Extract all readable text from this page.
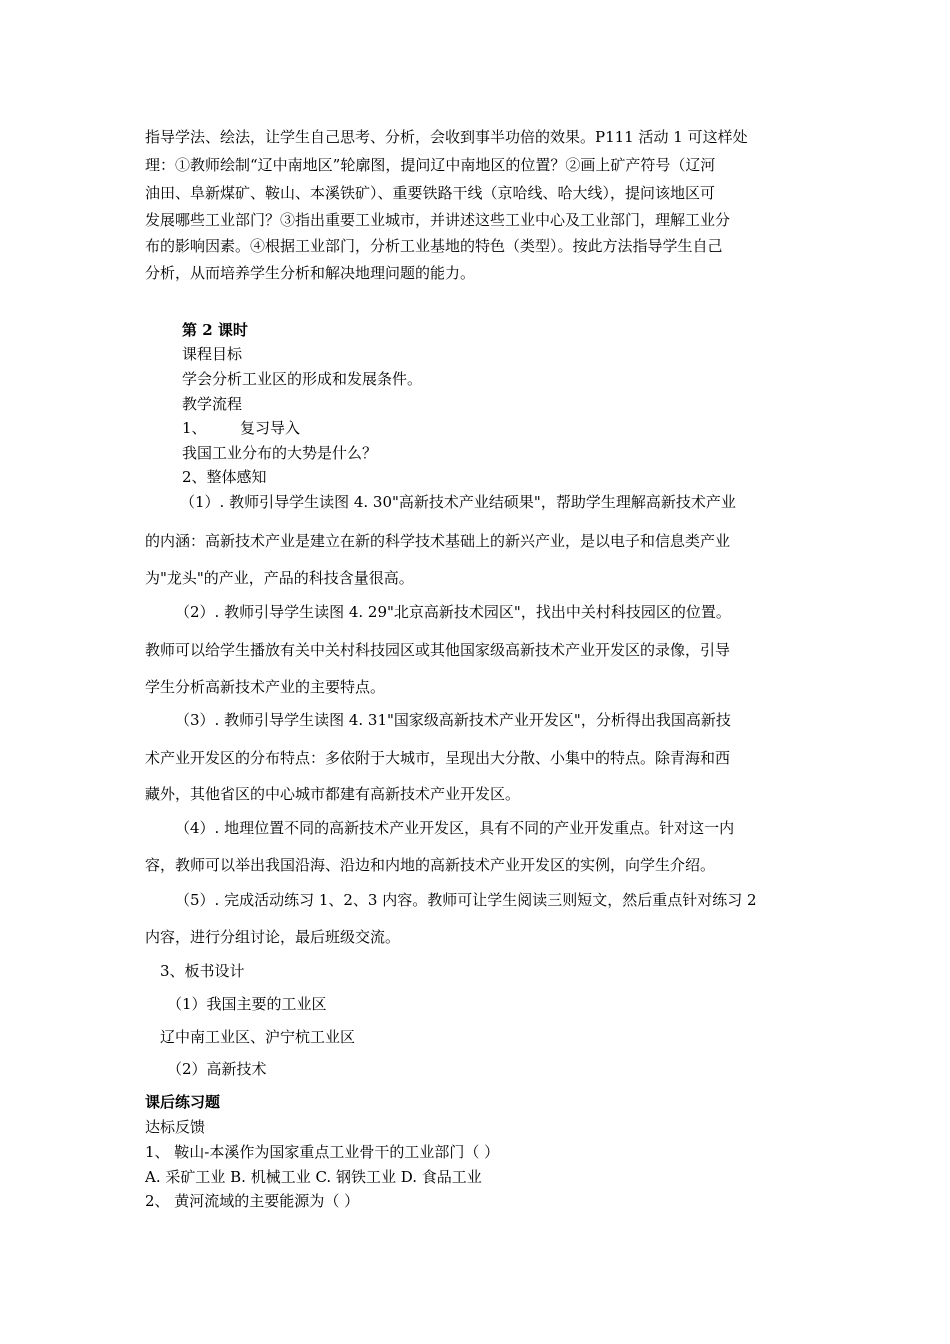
指导学法、绘法，让学生自己思考、分析，会收到事半功倍的效果。P111 活动 1 可这样处
理：①教师绘制“辽中南地区”轮廓图，提问辽中南地区的位置？②画上矿产符号（辽河
油田、阜新煤矿、鞍山、本溪铁矿）、重要铁路干线（京哈线、哈大线），提问该地区可
发展哪些工业部门？③指出重要工业城市，并讲述这些工业中心及工业部门，理解工业分
布的影响因素。④根据工业部门，分析工业基地的特色（类型）。按此方法指导学生自己
分析，从而培养学生分析和解决地理问题的能力。
第 2 课时
课程目标
学会分析工业区的形成和发展条件。
教学流程
1、 复习导入
我国工业分布的大势是什么？
2、整体感知
（1）. 教师引导学生读图 4. 30"高新技术产业结硕果"，帮助学生理解高新技术产业
的内涵：高新技术产业是建立在新的科学技术基础上的新兴产业，是以电子和信息类产业
为"龙头"的产业，产品的科技含量很高。
（2）. 教师引导学生读图 4. 29"北京高新技术园区"，找出中关村科技园区的位置。
教师可以给学生播放有关中关村科技园区或其他国家级高新技术产业开发区的录像，引导
学生分析高新技术产业的主要特点。
（3）. 教师引导学生读图 4. 31"国家级高新技术产业开发区"，分析得出我国高新技
术产业开发区的分布特点：多依附于大城市，呈现出大分散、小集中的特点。除青海和西
藏外，其他省区的中心城市都建有高新技术产业开发区。
（4）. 地理位置不同的高新技术产业开发区，具有不同的产业开发重点。针对这一内
容，教师可以举出我国沿海、沿边和内地的高新技术产业开发区的实例，向学生介绍。
（5）. 完成活动练习 1、2、3 内容。教师可让学生阅读三则短文，然后重点针对练习 2
内容，进行分组讨论，最后班级交流。
3、板书设计
（1）我国主要的工业区
辽中南工业区、沪宁杭工业区
（2）高新技术
课后练习题
达标反馈
1、 鞍山-本溪作为国家重点工业骨干的工业部门（ ）
A. 采矿工业 B. 机械工业 C. 钢铁工业 D. 食品工业
2、 黄河流域的主要能源为（ ）
